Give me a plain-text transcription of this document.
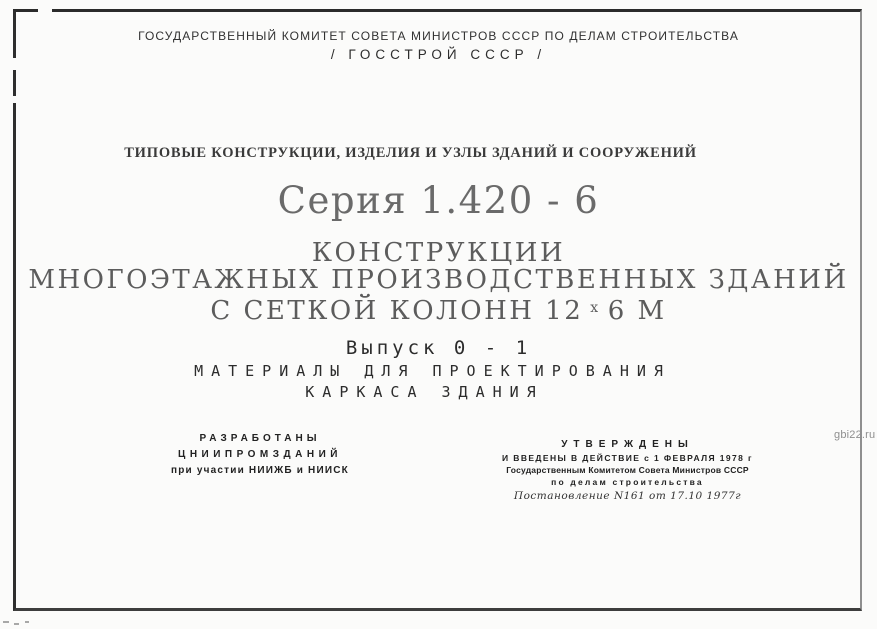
ГОСУДАРСТВЕННЫЙ КОМИТЕТ СОВЕТА МИНИСТРОВ СССР ПО ДЕЛАМ СТРОИТЕЛЬСТВА
/ ГОССТРОЙ СССР /
ТИПОВЫЕ КОНСТРУКЦИИ, ИЗДЕЛИЯ И УЗЛЫ ЗДАНИЙ И СООРУЖЕНИЙ
Серия 1.420 - 6
КОНСТРУКЦИИ
МНОГОЭТАЖНЫХ ПРОИЗВОДСТВЕННЫХ ЗДАНИЙ
С СЕТКОЙ КОЛОНН 12 x 6 М
Выпуск 0 - 1
МАТЕРИАЛЫ ДЛЯ ПРОЕКТИРОВАНИЯ
КАРКАСА ЗДАНИЯ
РАЗРАБОТАНЫ
ЦНИИПРОМЗДАНИЙ
при участии НИИЖБ и НИИСК
УТВЕРЖДЕНЫ
И ВВЕДЕНЫ В ДЕЙСТВИЕ с 1 ФЕВРАЛЯ 1978 г
Государственным Комитетом Совета Министров СССР
по делам строительства
Постановление N161 от 17.10 1977г
gbi22.ru
